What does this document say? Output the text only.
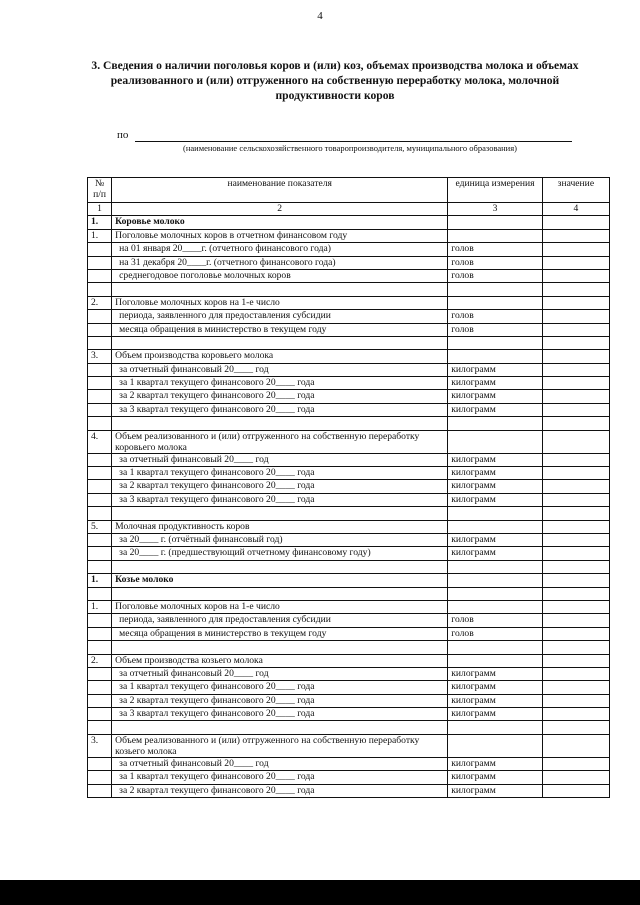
4
3. Сведения о наличии поголовья коров и (или) коз, объемах производства молока и объемах реализованного и (или) отгруженного на собственную переработку молока, молочной продуктивности коров
по
(наименование сельскохозяйственного товаропроизводителя, муниципального образования)
№ п/п	наименование показателя	единица измерения	значение
1	2	3	4
1.	Коровье молоко		
1.	Поголовье молочных коров в отчетном финансовом году		
	на 01 января 20____г. (отчетного финансового года)	голов	
	на 31 декабря 20____г. (отчетного финансового года)	голов	
	среднегодовое поголовье молочных коров	голов	

2.	Поголовье молочных коров на 1-е число		
	периода, заявленного для предоставления субсидии	голов	
	месяца обращения в министерство в текущем году	голов	

3.	Объем производства коровьего молока		
	за отчетный финансовый 20____ год	килограмм	
	за 1 квартал текущего финансового 20____ года	килограмм	
	за 2 квартал текущего финансового 20____ года	килограмм	
	за 3 квартал текущего финансового 20____ года	килограмм	

4.	Объем реализованного и (или) отгруженного на собственную переработку коровьего молока		
	за отчетный финансовый 20____ год	килограмм	
	за 1 квартал текущего финансового 20____ года	килограмм	
	за 2 квартал текущего финансового 20____ года	килограмм	
	за 3 квартал текущего финансового 20____ года	килограмм	

5.	Молочная продуктивность коров		
	за 20____ г. (отчётный финансовый год)	килограмм	
	за 20____ г. (предшествующий отчетному финансовому году)	килограмм	

1.	Козье молоко		

1.	Поголовье молочных коров на 1-е число		
	периода, заявленного для предоставления субсидии	голов	
	месяца обращения в министерство в текущем году	голов	

2.	Объем производства козьего молока		
	за отчетный финансовый 20____ год	килограмм	
	за 1 квартал текущего финансового 20____ года	килограмм	
	за 2 квартал текущего финансового 20____ года	килограмм	
	за 3 квартал текущего финансового 20____ года	килограмм	

3.	Объем реализованного и (или) отгруженного на собственную переработку козьего молока		
	за отчетный финансовый 20____ год	килограмм	
	за 1 квартал текущего финансового 20____ года	килограмм	
	за 2 квартал текущего финансового 20____ года	килограмм	
